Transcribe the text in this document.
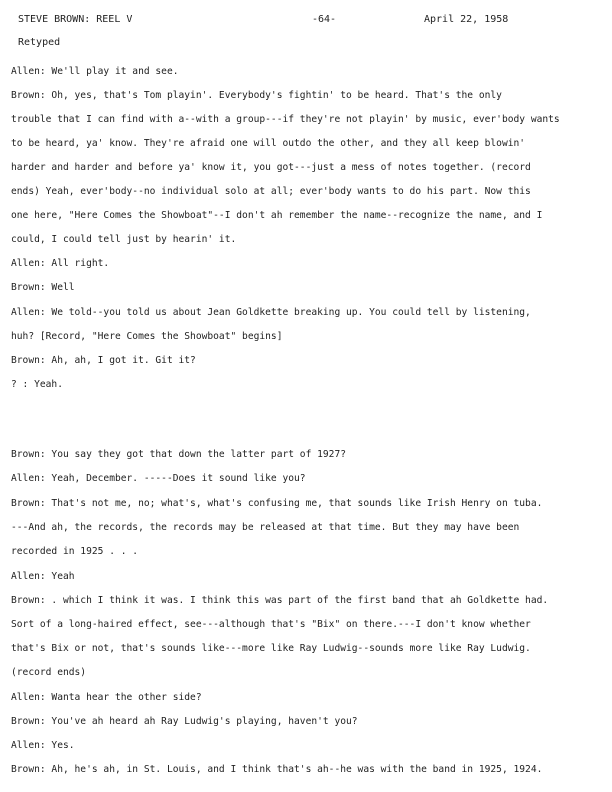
STEVE BROWN: REEL V	-64-	April 22, 1958
Retyped
Allen: We'll play it and see.
Brown: Oh, yes, that's Tom playin'. Everybody's fightin' to be heard. That's the only
trouble that I can find with a--with a group---if they're not playin' by music, ever'body wants
to be heard, ya' know. They're afraid one will outdo the other, and they all keep blowin'
harder and harder and before ya' know it, you got---just a mess of notes together. (record
ends) Yeah, ever'body--no individual solo at all; ever'body wants to do his part. Now this
one here, "Here Comes the Showboat"--I don't ah remember the name--recognize the name, and I
could, I could tell just by hearin' it.
Allen: All right.
Brown: Well
Allen: We told--you told us about Jean Goldkette breaking up. You could tell by listening,
huh? [Record, "Here Comes the Showboat" begins]
Brown: Ah, ah, I got it. Git it?
? : Yeah.
Brown: You say they got that down the latter part of 1927?
Allen: Yeah, December. -----Does it sound like you?
Brown: That's not me, no; what's, what's confusing me, that sounds like Irish Henry on tuba.
---And ah, the records, the records may be released at that time. But they may have been
recorded in 1925 . . .
Allen: Yeah
Brown: . which I think it was. I think this was part of the first band that ah Goldkette had.
Sort of a long-haired effect, see---although that's "Bix" on there.---I don't know whether
that's Bix or not, that's sounds like---more like Ray Ludwig--sounds more like Ray Ludwig.
(record ends)
Allen: Wanta hear the other side?
Brown: You've ah heard ah Ray Ludwig's playing, haven't you?
Allen: Yes.
Brown: Ah, he's ah, in St. Louis, and I think that's ah--he was with the band in 1925, 1924.
